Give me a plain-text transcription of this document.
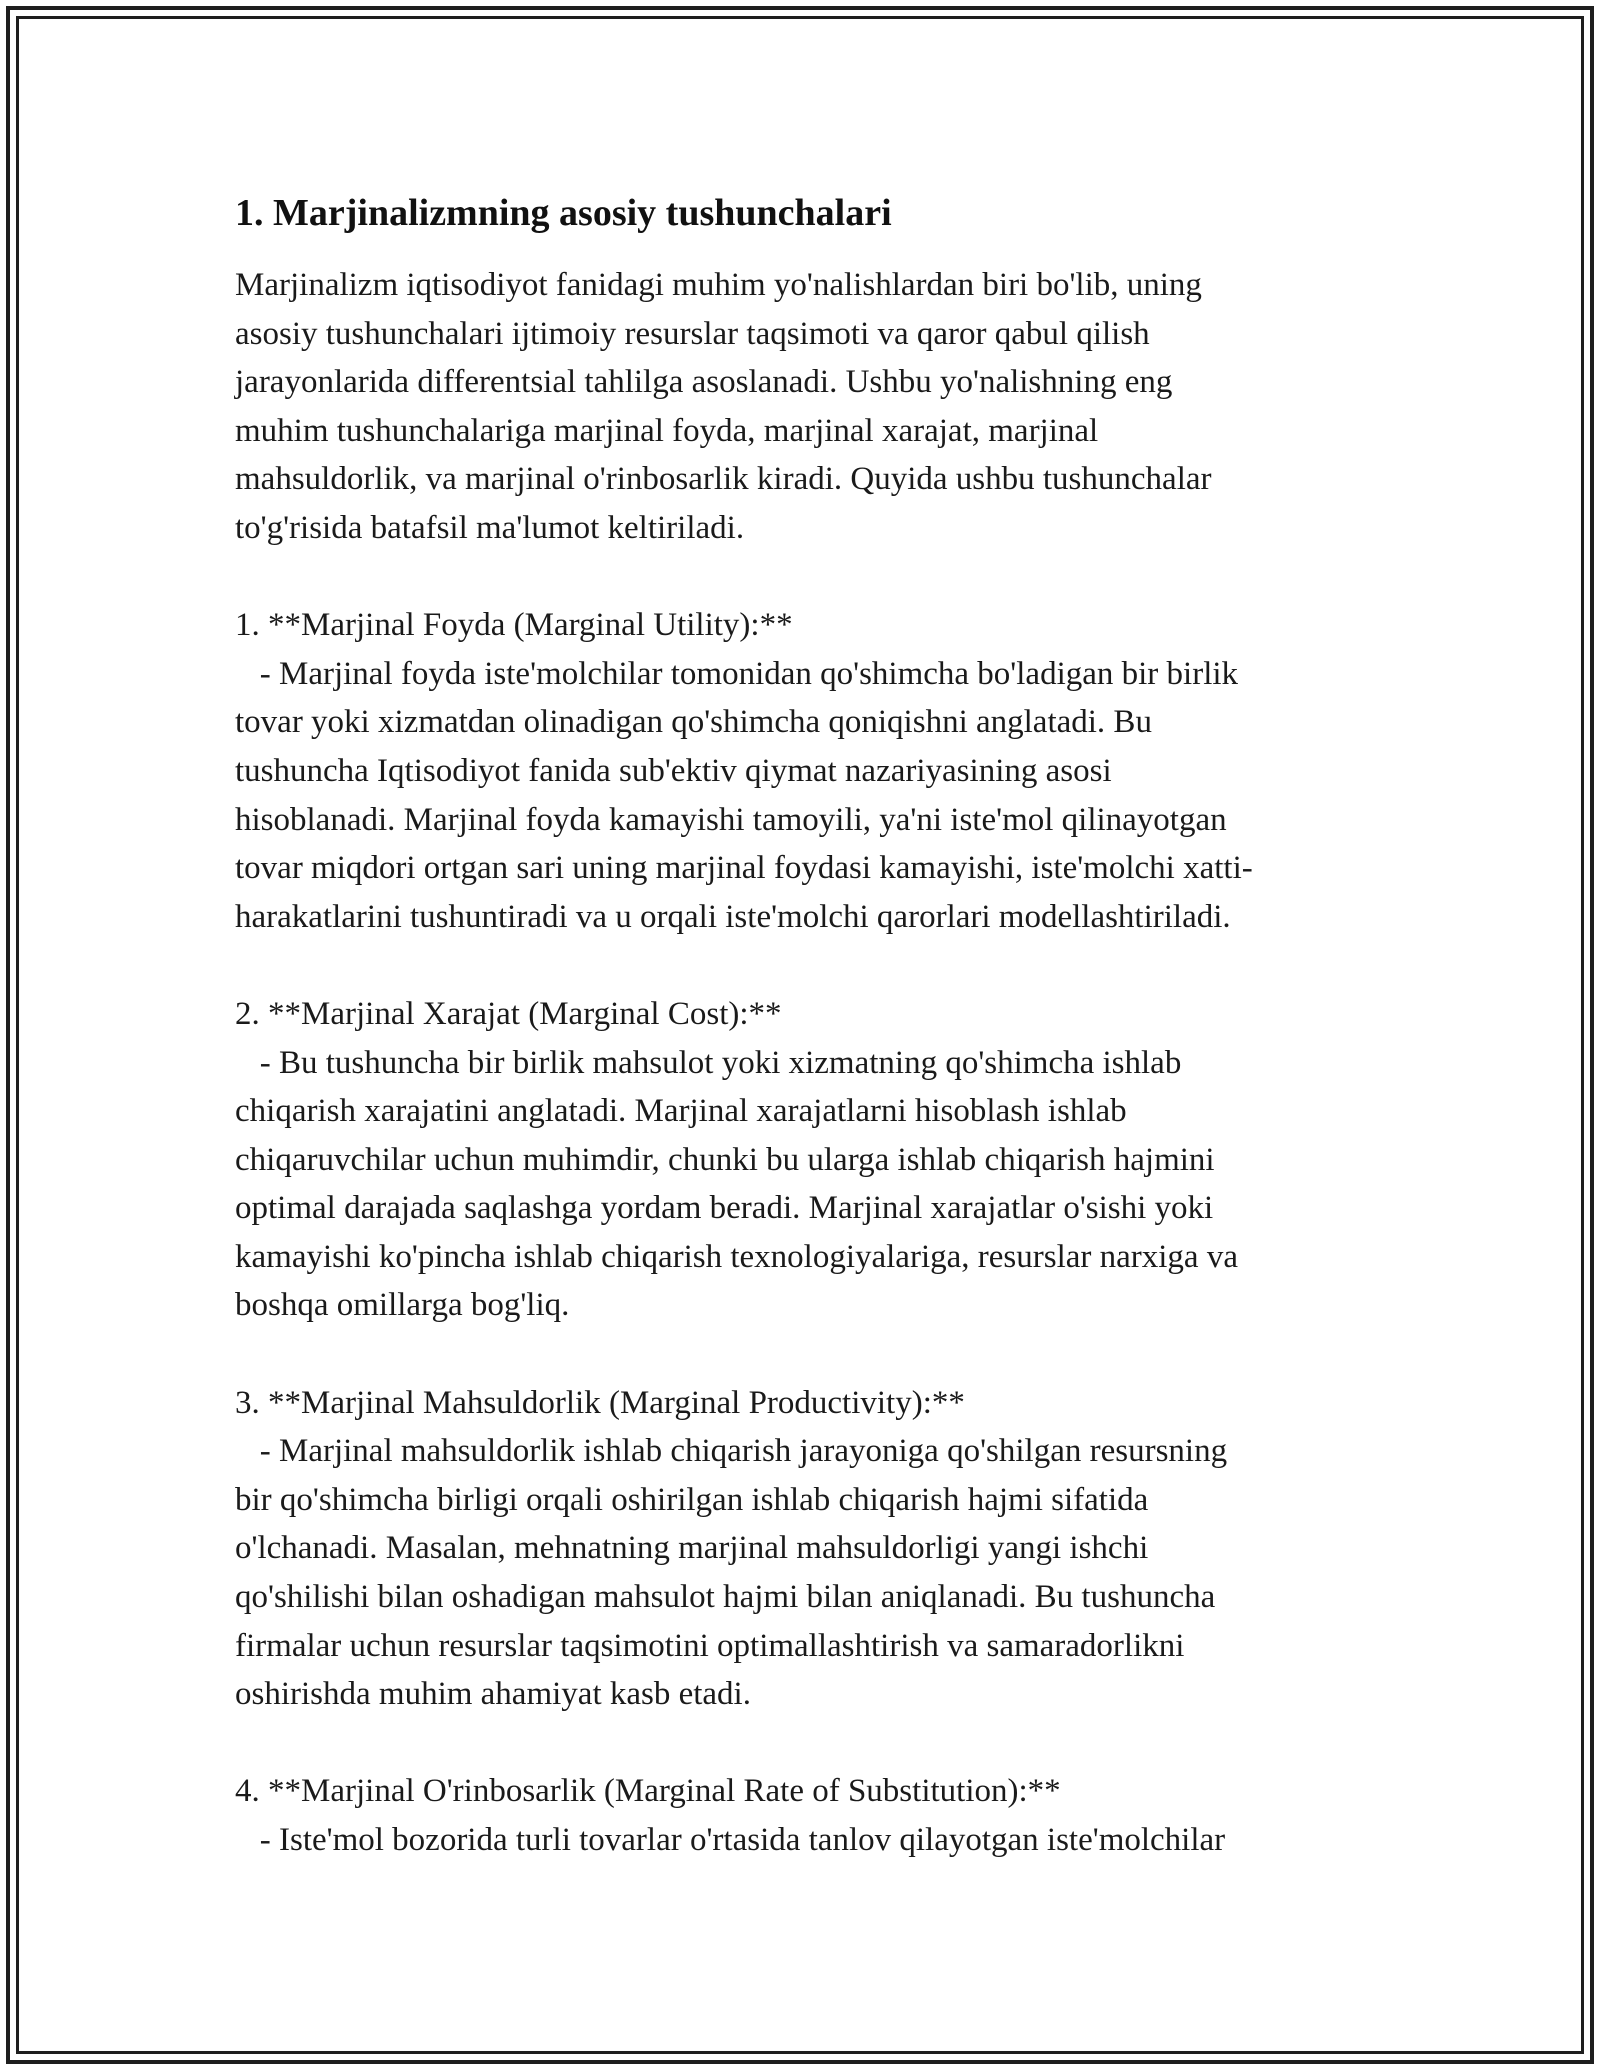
1. Marjinalizmning asosiy tushunchalari
Marjinalizm iqtisodiyot fanidagi muhim yo'nalishlardan biri bo'lib, uning
asosiy tushunchalari ijtimoiy resurslar taqsimoti va qaror qabul qilish
jarayonlarida differentsial tahlilga asoslanadi. Ushbu yo'nalishning eng
muhim tushunchalariga marjinal foyda, marjinal xarajat, marjinal
mahsuldorlik, va marjinal o'rinbosarlik kiradi. Quyida ushbu tushunchalar
to'g'risida batafsil ma'lumot keltiriladi.

1. **Marjinal Foyda (Marginal Utility):**
- Marjinal foyda iste'molchilar tomonidan qo'shimcha bo'ladigan bir birlik
tovar yoki xizmatdan olinadigan qo'shimcha qoniqishni anglatadi. Bu
tushuncha Iqtisodiyot fanida sub'ektiv qiymat nazariyasining asosi
hisoblanadi. Marjinal foyda kamayishi tamoyili, ya'ni iste'mol qilinayotgan
tovar miqdori ortgan sari uning marjinal foydasi kamayishi, iste'molchi xatti-
harakatlarini tushuntiradi va u orqali iste'molchi qarorlari modellashtiriladi.

2. **Marjinal Xarajat (Marginal Cost):**
- Bu tushuncha bir birlik mahsulot yoki xizmatning qo'shimcha ishlab
chiqarish xarajatini anglatadi. Marjinal xarajatlarni hisoblash ishlab
chiqaruvchilar uchun muhimdir, chunki bu ularga ishlab chiqarish hajmini
optimal darajada saqlashga yordam beradi. Marjinal xarajatlar o'sishi yoki
kamayishi ko'pincha ishlab chiqarish texnologiyalariga, resurslar narxiga va
boshqa omillarga bog'liq.

3. **Marjinal Mahsuldorlik (Marginal Productivity):**
- Marjinal mahsuldorlik ishlab chiqarish jarayoniga qo'shilgan resursning
bir qo'shimcha birligi orqali oshirilgan ishlab chiqarish hajmi sifatida
o'lchanadi. Masalan, mehnatning marjinal mahsuldorligi yangi ishchi
qo'shilishi bilan oshadigan mahsulot hajmi bilan aniqlanadi. Bu tushuncha
firmalar uchun resurslar taqsimotini optimallashtirish va samaradorlikni
oshirishda muhim ahamiyat kasb etadi.

4. **Marjinal O'rinbosarlik (Marginal Rate of Substitution):**
- Iste'mol bozorida turli tovarlar o'rtasida tanlov qilayotgan iste'molchilar
